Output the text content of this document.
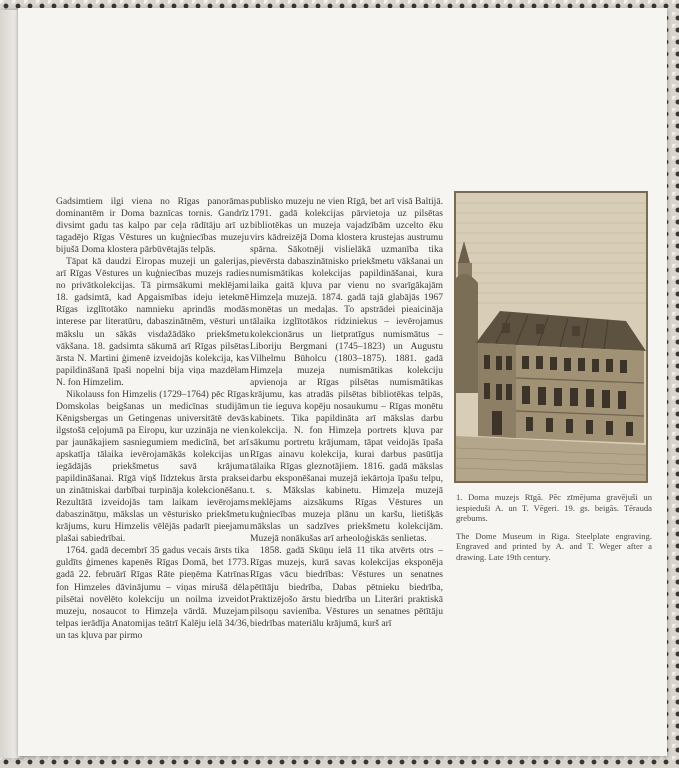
Gadsimtiem ilgi viena no Rīgas panorāmas dominantēm ir Doma baznīcas tornis. Gandrīz divsimt gadu tas kalpo par ceļa rādītāju arī uz tagadējo Rīgas Vēstures un kuģniecības muzeju bijušā Doma klostera pārbūvētajās telpās.

Tāpat kā daudzi Eiropas muzeji un galerijas, arī Rīgas Vēstures un kuģniecības muzejs radies no privātkolekcijas. Tā pirmsākumi meklējami 18. gadsimtā, kad Apgaismības ideju ietekmē Rīgas izglītotāko namnieku aprindās modās interese par literatūru, dabaszinātnēm, vēsturi un mākslu un sākās visdažādāko priekšmetu vākšana. 18. gadsimta sākumā arī Rīgas pilsētas ārsta N. Martini ģimenē izveidojās kolekcija, kas papildināšanā īpaši nopelni bija viņa mazdēlam N. fon Himzelim.

Nikolauss fon Himzelis (1729–1764) pēc Rīgas Domskolas beigšanas un medicīnas studijām Kēnigsbergas un Getingenas universitātē devās ilgstošā ceļojumā pa Eiropu, kur uzzināja ne vien par jaunākajiem sasniegumiem medicīnā, bet arī apskatīja tālaika ievērojamākās kolekcijas un iegādājās priekšmetus savā krājuma papildināšanai. Rīgā viņš līdztekus ārsta praksei un zinātniskai darbībai turpināja kolekcionēšanu. Rezultātā izveidojās tam laikam ievērojams dabaszinātņu, mākslas un vēsturisko priekšmetu krājums, kuru Himzelis vēlējās padarīt pieejamu plašai sabiedrībai.

1764. gadā decembrī 35 gadus vecais ārsts tika guldīts ģimenes kapenēs Rīgas Domā, bet 1773. gadā 22. februārī Rīgas Rāte pieņēma Katrīnas fon Himzeles dāvinājumu – viņas mirušā dēla pilsētai novēlēto kolekciju un noilma izveidot muzeju, nosaucot to Himzeļa vārdā. Muzejam telpas ierādīja Anatomijas teātrī Kalēju ielā 34/36, un tas kļuva par pirmo

publisko muzeju ne vien Rīgā, bet arī visā Baltijā. 1791. gadā kolekcijas pārvietoja uz pilsētas bibliotēkas un muzeja vajadzībām uzcelto ēku virs kādreizējā Doma klostera krustejas austrumu spārna. Sākotnēji vislielākā uzmanība tika pievērsta dabaszinātnisko priekšmetu vākšanai un numismātikas kolekcijas papildināšanai, kura laika gaitā kļuva par vienu no svarīgākajām Himzeļa muzejā. 1874. gadā tajā glabājās 1967 monētas un medaļas. To apstrādei pieaicināja tālaika izglītotākos ridziniekus – ievērojamus kolekcionārus un lietpratīgus numismātus – Liboriju Bergmani (1745–1823) un Augustu Vilhelmu Būholcu (1803–1875). 1881. gadā Himzeļa muzeja numismātikas kolekciju apvienoja ar Rīgas pilsētas numismātikas krājumu, kas atradās pilsētas bibliotēkas telpās, un tie ieguva kopēju nosaukumu – Rīgas monētu kabinets. Tika papildināta arī mākslas darbu kolekcija. N. fon Himzeļa portrets kļuva par sākumu portretu krājumam, tāpat veidojās īpaša Rīgas ainavu kolekcija, kurai darbus pasūtīja tālaika Rīgas gleznotājiem. 1816. gadā mākslas darbu eksponēšanai muzejā iekārtoja īpašu telpu, t. s. Mākslas kabinetu. Himzeļa muzejā meklējams aizsākums Rīgas Vēstures un kuģniecības muzeja plānu un karšu, lietišķās mākslas un sadzīves priekšmetu kolekcijām. Muzejā nonākušas arī arheoloģiskās senlietas.

1858. gadā Skūņu ielā 11 tika atvērts otrs – Rīgas muzejs, kurā savas kolekcijas eksponēja Rīgas vācu biedrības: Vēstures un senatnes pētītāju biedrība, Dabas pētnieku biedrība, Praktizējošo ārstu biedrība un Literāri praktiskā pilsoņu savienība. Vēstures un senatnes pētītāju biedrības materiālu krājumā, kurš arī

1. Doma muzejs Rīgā. Pēc zīmējuma gravējuši un iespieduši A. un T. Vēgeri. 19. gs. beigās. Tērauda grebums.

The Dome Museum in Riga. Steelplate engraving. Engraved and printed by A. and T. Weger after a drawing. Late 19th century.
